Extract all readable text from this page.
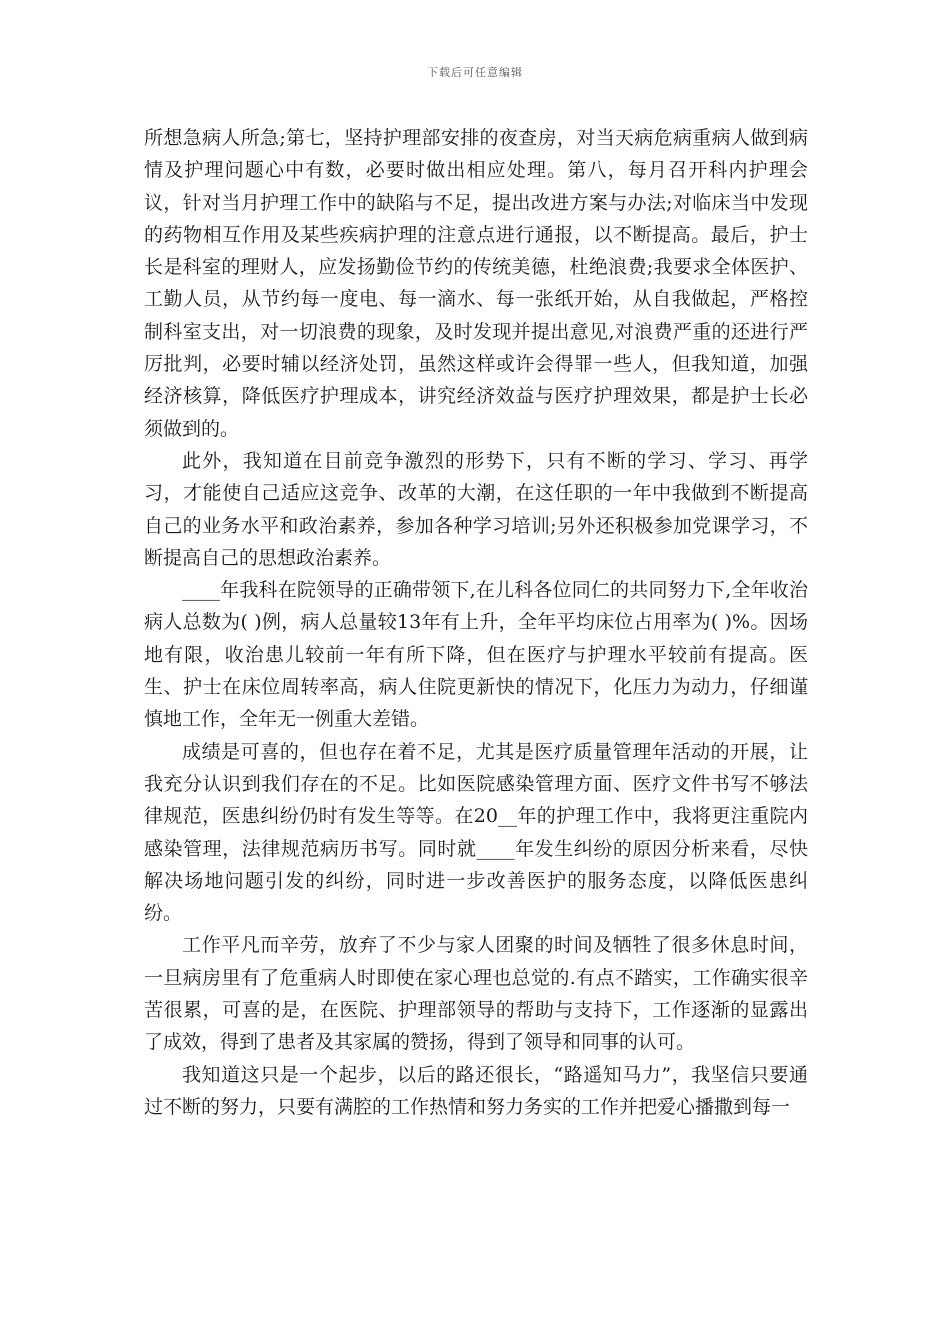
下载后可任意编辑

所想急病人所急;第七，坚持护理部安排的夜查房，对当天病危病重病人做到病情及护理问题心中有数，必要时做出相应处理。第八，每月召开科内护理会议，针对当月护理工作中的缺陷与不足，提出改进方案与办法;对临床当中发现的药物相互作用及某些疾病护理的注意点进行通报，以不断提高。最后，护士长是科室的理财人，应发扬勤俭节约的传统美德，杜绝浪费;我要求全体医护、工勤人员，从节约每一度电、每一滴水、每一张纸开始，从自我做起，严格控制科室支出，对一切浪费的现象，及时发现并提出意见,对浪费严重的还进行严厉批判，必要时辅以经济处罚，虽然这样或许会得罪一些人，但我知道，加强经济核算，降低医疗护理成本，讲究经济效益与医疗护理效果，都是护士长必须做到的。

此外，我知道在目前竞争激烈的形势下，只有不断的学习、学习、再学习，才能使自己适应这竞争、改革的大潮，在这任职的一年中我做到不断提高自己的业务水平和政治素养，参加各种学习培训;另外还积极参加党课学习，不断提高自己的思想政治素养。

____年我科在院领导的正确带领下,在儿科各位同仁的共同努力下,全年收治病人总数为( )例，病人总量较13年有上升，全年平均床位占用率为( )%。因场地有限，收治患儿较前一年有所下降，但在医疗与护理水平较前有提高。医生、护士在床位周转率高，病人住院更新快的情况下，化压力为动力，仔细谨慎地工作，全年无一例重大差错。

成绩是可喜的，但也存在着不足，尤其是医疗质量管理年活动的开展，让我充分认识到我们存在的不足。比如医院感染管理方面、医疗文件书写不够法律规范，医患纠纷仍时有发生等等。在20__年的护理工作中，我将更注重院内感染管理，法律规范病历书写。同时就____年发生纠纷的原因分析来看，尽快解决场地问题引发的纠纷，同时进一步改善医护的服务态度，以降低医患纠纷。

工作平凡而辛劳，放弃了不少与家人团聚的时间及牺牲了很多休息时间，一旦病房里有了危重病人时即使在家心理也总觉的.有点不踏实，工作确实很辛苦很累，可喜的是，在医院、护理部领导的帮助与支持下，工作逐渐的显露出了成效，得到了患者及其家属的赞扬，得到了领导和同事的认可。

我知道这只是一个起步，以后的路还很长，“路遥知马力”，我坚信只要通过不断的努力，只要有满腔的工作热情和努力务实的工作并把爱心播撒到每一
